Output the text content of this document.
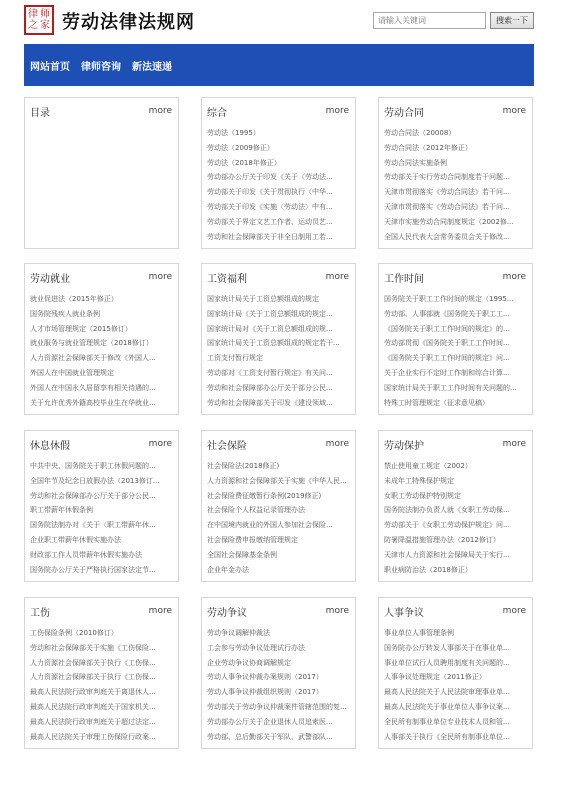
律 师
之 家 劳动法律法规网
请输入关键词	搜索一下
网站首页 律师咨询 新法速递
目录	more	综合	more
劳动法（1995）
劳动法（2009修正）
劳动法（2018年修正）
劳动部办公厅关于印发《关于〈劳动法...
劳动部关于印发《关于贯彻执行〈中华...
劳动部关于印发《实施〈劳动法〉中有...
劳动部关于界定文艺工作者、运动员艺...
劳动和社会保障部关于非全日制用工若...
劳动合同	more
劳动合同法（20008）
劳动合同法（2012年修正）
劳动合同法实施条例
劳动部关于实行劳动合同制度若干问题...
天津市贯彻落实《劳动合同法》若干问...
天津市贯彻落实《劳动合同法》若干问...
天津市实施劳动合同制度规定（2002修...
全国人民代表大会常务委员会关于修改...
劳动就业	more
就业促进法（2015年修正）
国务院残疾人就业条例
人才市场管理规定（2015修订）
就业服务与就业管理规定（2018修订）
人力资源社会保障部关于修改《外国人...
外国人在中国就业管理规定
外国人在中国永久居留享有相关待遇的...
关于允许优秀外籍高校毕业生在华就业...
工资福利	more
国家统计局关于工资总额组成的规定
国家统计局《关于工资总额组成的规定...
国家统计局对《关于工资总额组成的规...
国家统计局关于工资总额组成的规定若干...
工资支付暂行规定
劳动部对《工资支付暂行规定》有关问...
劳动和社会保障部办公厅关于部分公民...
劳动和社会保障部关于印发《建设领域...
工作时间	more
国务院关于职工工作时间的规定（1995...
劳动部、人事部就《国务院关于职工工...
《国务院关于职工工作时间的规定》的...
劳动部贯彻《国务院关于职工工作时间...
《国务院关于职工工作时间的规定》问...
关于企业实行不定时工作制和综合计算...
国家统计局关于职工工作时间有关问题的...
特殊工时管理规定（征求意见稿）
休息休假	more
中共中央、国务院关于职工休假问题的...
全国年节及纪念日放假办法（2013修订...
劳动和社会保障部办公厅关于部分公民...
职工带薪年休假条例
国务院法制办对《关于〈职工带薪年休...
企业职工带薪年休假实施办法
财政部工作人员带薪年休假实施办法
国务院办公厅关于严格执行国家法定节...
社会保险	more
社会保险法(2018修正)
人力资源和社会保障部关于实施《中华人民...
社会保险费征缴暂行条例(2019修正)
社会保险个人权益记录管理办法
在中国境内就业的外国人参加社会保险...
社会保险费申报缴纳管理规定
全国社会保障基金条例
企业年金办法
劳动保护	more
禁止使用童工规定（2002）
未成年工特殊保护规定
女职工劳动保护特别规定
国务院法制办负责人就《女职工劳动保...
劳动部关于《女职工劳动保护规定》问...
防暑降温措施管理办法（2012修订）
天津市人力资源和社会保障局关于实行...
职业病防治法（2018修正）
工伤	more
工伤保险条例（2010修订）
劳动和社会保障部关于实施《工伤保险...
人力资源社会保障部关于执行《工伤保...
人力资源社会保障部关于执行《工伤保...
最高人民法院行政审判庭关于离退休人...
最高人民法院行政审判庭关于国家机关...
最高人民法院行政审判庭关于超过法定...
最高人民法院关于审理工伤保险行政案...
劳动争议	more
劳动争议调解仲裁法
工会参与劳动争议处理试行办法
企业劳动争议协商调解规定
劳动人事争议仲裁办案规则（2017）
劳动人事争议仲裁组织规则（2017）
劳动部关于劳动争议仲裁案件管辖范围的复...
劳动部办公厅关于企业退休人员追索医...
劳动部、总后勤部关于军队、武警部队...
人事争议	more
事业单位人事管理条例
国务院办公厅转发人事部关于在事业单...
事业单位试行人员聘用制度有关问题的...
人事争议处理规定（2011修正）
最高人民法院关于人民法院审理事业单...
最高人民法院关于事业单位人事争议案...
全民所有制事业单位专业技术人员和管...
人事部关于执行《全民所有制事业单位...
